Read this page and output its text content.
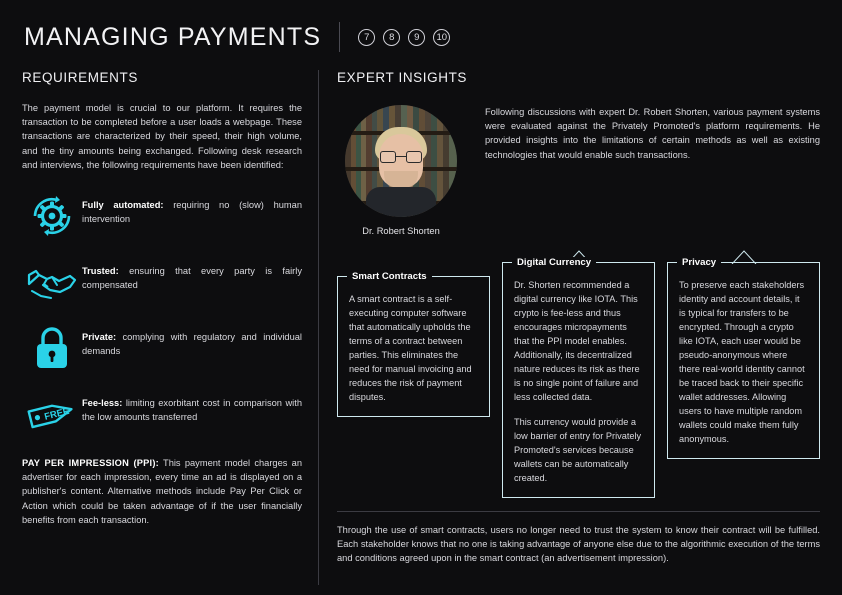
MANAGING PAYMENTS	7	8	9	10
REQUIREMENTS
The payment model is crucial to our platform. It requires the transaction to be completed before a user loads a webpage. These transactions are characterized by their speed, their high volume, and the tiny amounts being exchanged. Following desk research and interviews, the following requirements have been identified:
Fully automated: requiring no (slow) human intervention
Trusted: ensuring that every party is fairly compensated
Private: complying with regulatory and individual demands
FREE
Fee-less: limiting exorbitant cost in comparison with the low amounts transferred
PAY PER IMPRESSION (PPI): This payment model charges an advertiser for each impression, every time an ad is displayed on a publisher's content. Alternative methods include Pay Per Click or Action which could be taken advantage of if the user financially benefits from each transaction.
EXPERT INSIGHTS
Dr. Robert Shorten
Following discussions with expert Dr. Robert Shorten, various payment systems were evaluated against the Privately Promoted's platform requirements. He provided insights into the limitations of certain methods as well as existing technologies that would enable such transactions.
Smart Contracts

A smart contract is a self-executing computer software that automatically upholds the terms of a contract between parties. This eliminates the need for manual invoicing and reduces the risk of payment disputes.

Digital Currency

Dr. Shorten recommended a digital currency like IOTA. This crypto is fee-less and thus encourages micropayments that the PPI model enables. Additionally, its decentralized nature reduces its risk as there is no single point of failure and less collected data.

This currency would provide a low barrier of entry for Privately Promoted's services because wallets can be automatically created.

Privacy

To preserve each stakeholders identity and account details, it is typical for transfers to be encrypted. Through a crypto like IOTA, each user would be pseudo-anonymous where there real-world identity cannot be traced back to their specific wallet addresses. Allowing users to have multiple random wallets could make them fully anonymous.

Through the use of smart contracts, users no longer need to trust the system to know their contract will be fulfilled. Each stakeholder knows that no one is taking advantage of anyone else due to the algorithmic execution of the terms and conditions agreed upon in the smart contract (an advertisement impression).
